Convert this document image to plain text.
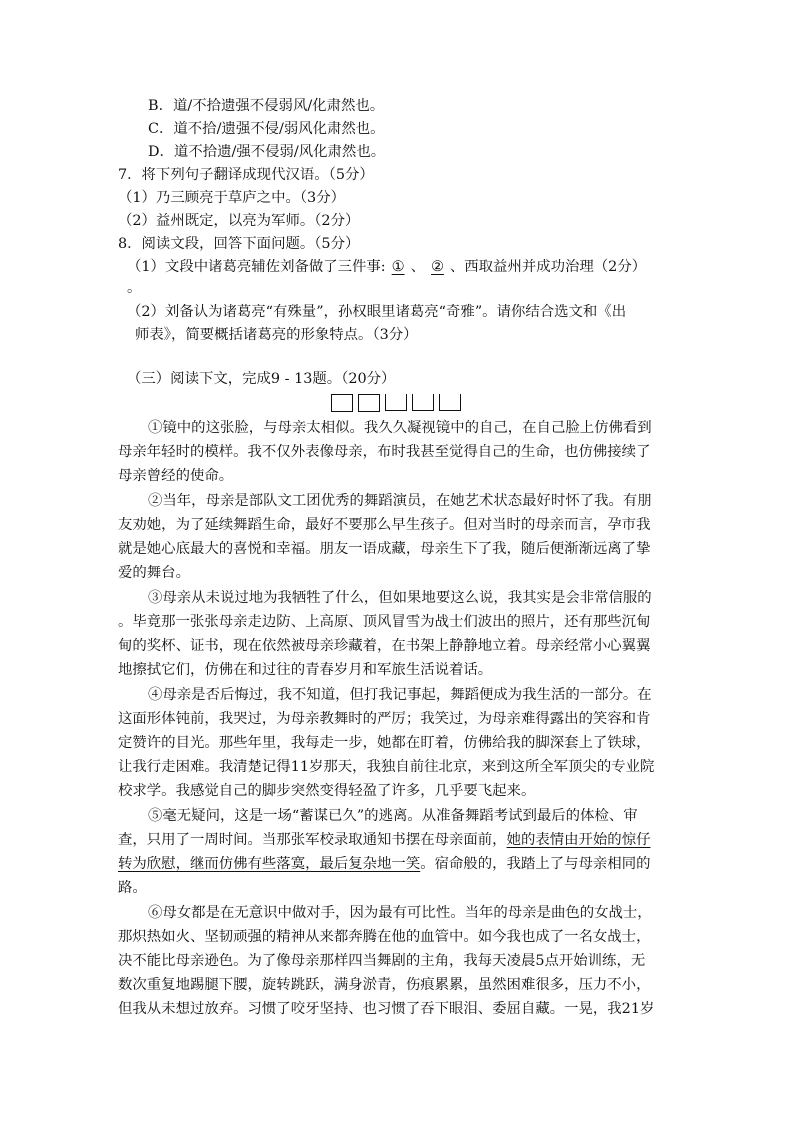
B．道/不拾遗强不侵弱风/化肃然也。
C．道不拾/遗强不侵/弱风化肃然也。
D．道不拾遗/强不侵弱/风化肃然也。
7．将下列句子翻译成现代汉语。（5分）
（1）乃三顾亮于草庐之中。（3分）
（2）益州既定，以亮为军师。（2分）
8．阅读文段，回答下面问题。（5分）
（1）文段中诸葛亮辅佐刘备做了三件事: ① 、 ② 、西取益州并成功治理（2分）
。
（2）刘备认为诸葛亮“有殊量”，孙权眼里诸葛亮“奇雅”。请你结合选文和《出
师表》，简要概括诸葛亮的形象特点。（3分）
（三）阅读下文，完成9 - 13题。（20分）
①镜中的这张脸，与母亲太相似。我久久凝视镜中的自己，在自己脸上仿佛看到
母亲年轻时的模样。我不仅外表像母亲，布时我甚至觉得自己的生命，也仿佛接续了
母亲曾经的使命。
②当年，母亲是部队文工团优秀的舞蹈演员，在她艺术状态最好时怀了我。有朋
友劝她，为了延续舞蹈生命，最好不要那么早生孩子。但对当时的母亲而言，孕市我
就是她心底最大的喜悦和幸福。朋友一语成藏，母亲生下了我，随后便渐渐远离了挚
爱的舞台。
③母亲从未说过地为我牺牲了什么，但如果地要这么说，我其实是会非常信服的
。毕竟那一张张母亲走边防、上高原、顶风冒雪为战士们波出的照片，还有那些沉甸
甸的奖杯、证书，现在依然被母亲珍藏着，在书架上静静地立着。母亲经常小心翼翼
地擦拭它们，仿佛在和过往的青春岁月和军旅生活说着话。
④母亲是否后悔过，我不知道，但打我记事起，舞蹈便成为我生活的一部分。在
这面形体钝前，我哭过，为母亲教舞时的严厉；我笑过，为母亲难得露出的笑容和肯
定赞许的目光。那些年里，我每走一步，她都在盯着，仿佛给我的脚深套上了铁球，
让我行走困难。我清楚记得11岁那天，我独自前往北京，来到这所全军顶尖的专业院
校求学。我感觉自己的脚步突然变得轻盈了许多，几乎要飞起来。
⑤毫无疑问，这是一场“蓄谋已久”的逃离。从准备舞蹈考试到最后的体检、审
查，只用了一周时间。当那张军校录取通知书摆在母亲面前，她的表情由开始的惊仔
转为欣慰，继而仿佛有些落寞，最后复杂地一笑。宿命般的，我踏上了与母亲相同的
路。
⑥母女都是在无意识中做对手，因为最有可比性。当年的母亲是曲色的女战士，
那炽热如火、坚韧顽强的精神从来都奔腾在他的血管中。如今我也成了一名女战士，
决不能比母亲逊色。为了像母亲那样四当舞剧的主角，我每天凌晨5点开始训练，无
数次重复地踢腿下腰，旋转跳跃，满身淤青，伤痕累累，虽然困难很多，压力不小，
但我从未想过放弃。习惯了咬牙坚持、也习惯了吞下眼泪、委屈自藏。一晃，我21岁
